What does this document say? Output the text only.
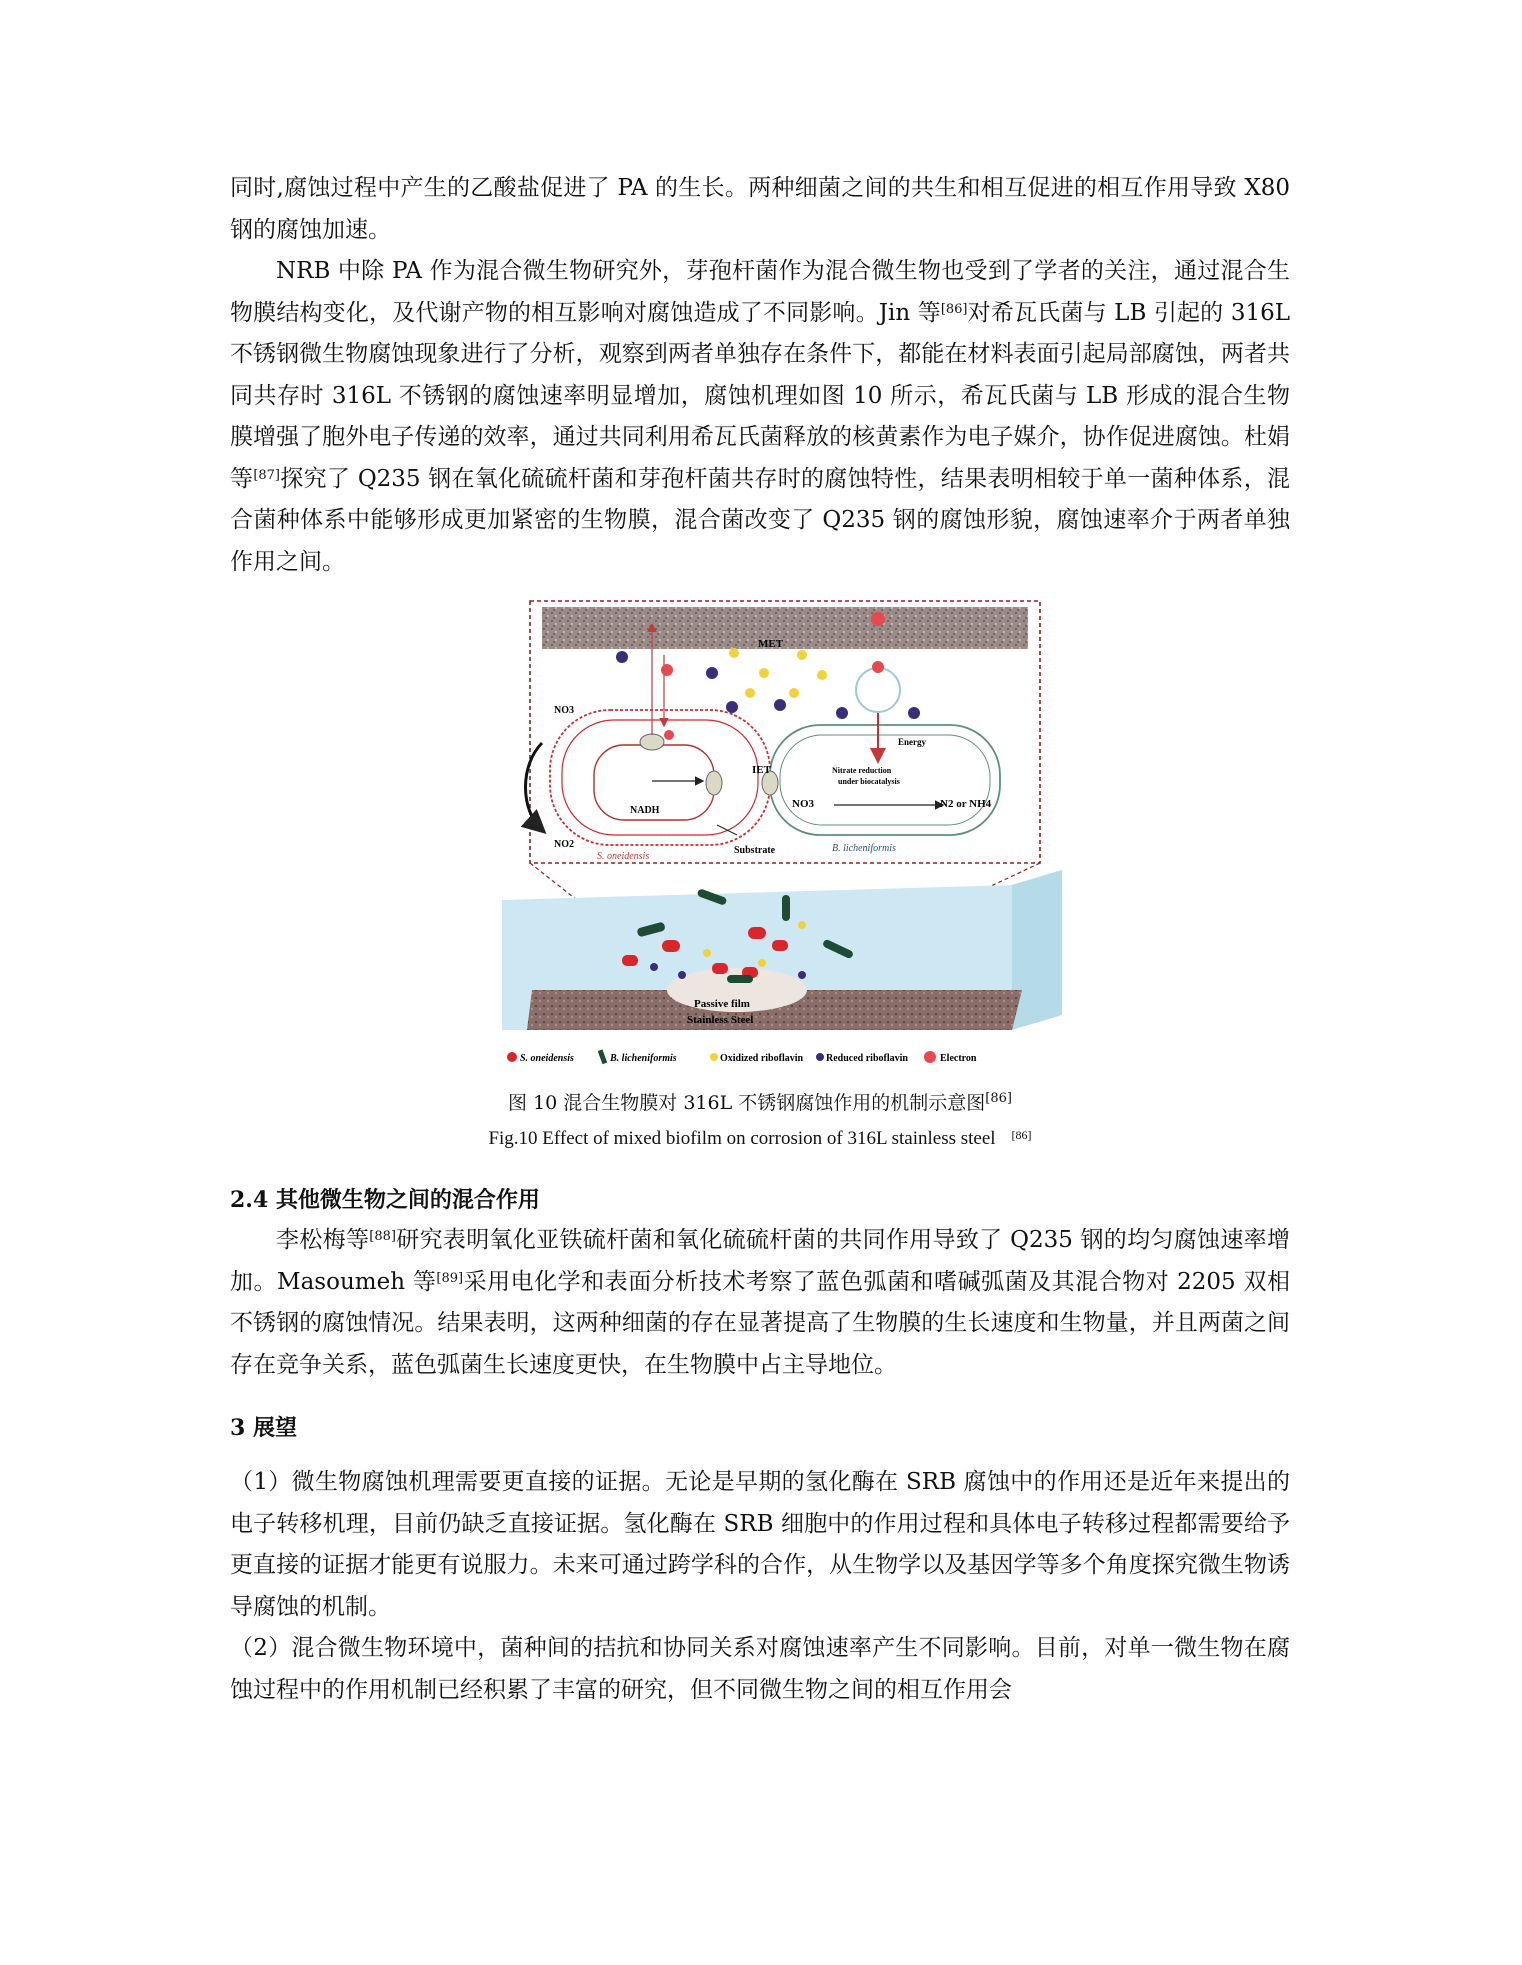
同时,腐蚀过程中产生的乙酸盐促进了 PA 的生长。两种细菌之间的共生和相互促进的相互作用导致 X80 钢的腐蚀加速。

NRB 中除 PA 作为混合微生物研究外，芽孢杆菌作为混合微生物也受到了学者的关注，通过混合生物膜结构变化，及代谢产物的相互影响对腐蚀造成了不同影响。Jin 等[86]对希瓦氏菌与 LB 引起的 316L 不锈钢微生物腐蚀现象进行了分析，观察到两者单独存在条件下，都能在材料表面引起局部腐蚀，两者共同共存时 316L 不锈钢的腐蚀速率明显增加，腐蚀机理如图 10 所示，希瓦氏菌与 LB 形成的混合生物膜增强了胞外电子传递的效率，通过共同利用希瓦氏菌释放的核黄素作为电子媒介，协作促进腐蚀。杜娟等[87]探究了 Q235 钢在氧化硫硫杆菌和芽孢杆菌共存时的腐蚀特性，结果表明相较于单一菌种体系，混合菌种体系中能够形成更加紧密的生物膜，混合菌改变了 Q235 钢的腐蚀形貌，腐蚀速率介于两者单独作用之间。

MET
IET
NO3
NO2
NADH
Substrate
Energy
Nitrate reduction
under biocatalysis
NO3	N2 or NH4
S. oneidensis
B. licheniformis
Passive film
Stainless Steel
S. oneidensis	B. licheniformis	Oxidized riboflavin Reduced riboflavin	Electron

图 10 混合生物膜对 316L 不锈钢腐蚀作用的机制示意图[86]

Fig.10 Effect of mixed biofilm on corrosion of 316L stainless steel [86]

2.4 其他微生物之间的混合作用

李松梅等[88]研究表明氧化亚铁硫杆菌和氧化硫硫杆菌的共同作用导致了 Q235 钢的均匀腐蚀速率增加。Masoumeh 等[89]采用电化学和表面分析技术考察了蓝色弧菌和嗜碱弧菌及其混合物对 2205 双相不锈钢的腐蚀情况。结果表明，这两种细菌的存在显著提高了生物膜的生长速度和生物量，并且两菌之间存在竞争关系，蓝色弧菌生长速度更快，在生物膜中占主导地位。

3 展望

（1）微生物腐蚀机理需要更直接的证据。无论是早期的氢化酶在 SRB 腐蚀中的作用还是近年来提出的电子转移机理，目前仍缺乏直接证据。氢化酶在 SRB 细胞中的作用过程和具体电子转移过程都需要给予更直接的证据才能更有说服力。未来可通过跨学科的合作，从生物学以及基因学等多个角度探究微生物诱导腐蚀的机制。

（2）混合微生物环境中，菌种间的拮抗和协同关系对腐蚀速率产生不同影响。目前，对单一微生物在腐蚀过程中的作用机制已经积累了丰富的研究，但不同微生物之间的相互作用会
